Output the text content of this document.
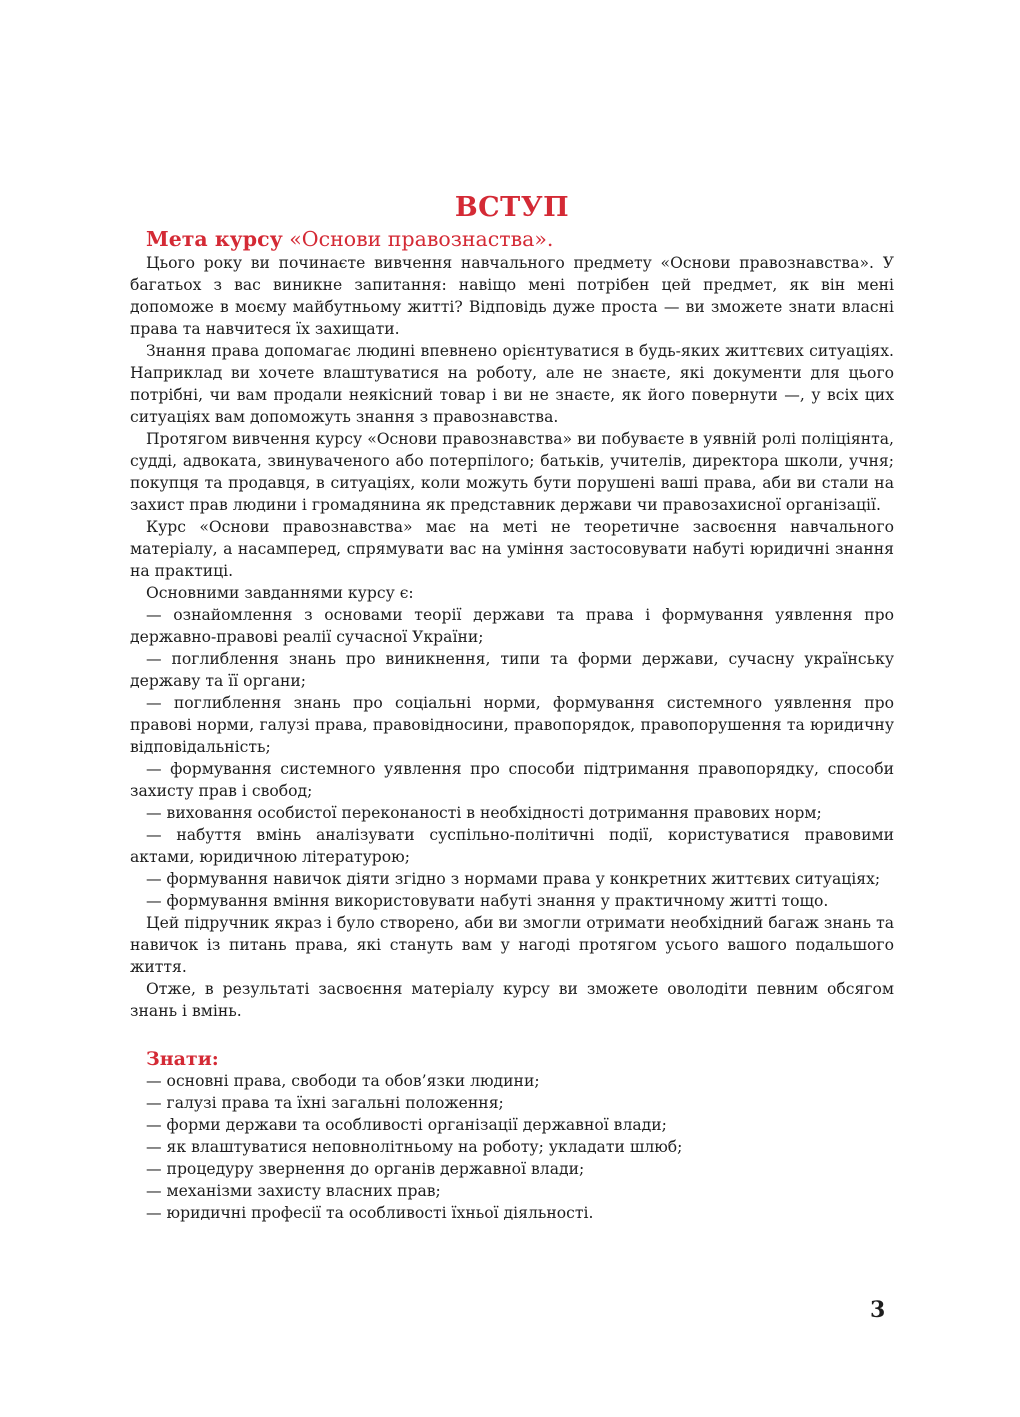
ВСТУП
Мета курсу «Основи правознаства».

Цього року ви починаєте вивчення навчального предмету «Основи правознавства». У багатьох з вас виникне запитання: навіщо мені потрібен цей предмет, як він мені допоможе в моєму майбутньому житті? Відповідь дуже проста — ви зможете знати власні права та навчитеся їх захищати.

Знання права допомагає людині впевнено орієнтуватися в будь-яких життєвих ситуаціях. Наприклад ви хочете влаштуватися на роботу, але не знаєте, які документи для цього потрібні, чи вам продали неякісний товар і ви не знаєте, як його повернути —, у всіх цих ситуаціях вам допоможуть знання з правознавства.

Протягом вивчення курсу «Основи правознавства» ви побуваєте в уявній ролі поліціянта, судді, адвоката, звинуваченого або потерпілого; батьків, учителів, директора школи, учня; покупця та продавця, в ситуаціях, коли можуть бути порушені ваші права, аби ви стали на захист прав людини і громадянина як представник держави чи правозахисної організації.

Курс «Основи правознавства» має на меті не теоретичне засвоєння навчального матеріалу, а насамперед, спрямувати вас на уміння застосовувати набуті юридичні знання на практиці.

Основними завданнями курсу є:

— ознайомлення з основами теорії держави та права і формування уявлення про державно-правові реалії сучасної України;

— поглиблення знань про виникнення, типи та форми держави, сучасну українську державу та її органи;

— поглиблення знань про соціальні норми, формування системного уявлення про правові норми, галузі права, правовідносини, правопорядок, правопорушення та юридичну відповідальність;

— формування системного уявлення про способи підтримання правопорядку, способи захисту прав і свобод;

— виховання особистої переконаності в необхідності дотримання правових норм;

— набуття вмінь аналізувати суспільно-політичні події, користуватися правовими актами, юридичною літературою;

— формування навичок діяти згідно з нормами права у конкретних життєвих ситуаціях;

— формування вміння використовувати набуті знання у практичному житті тощо.

Цей підручник якраз і було створено, аби ви змогли отримати необхідний багаж знань та навичок із питань права, які стануть вам у нагоді протягом усього вашого подальшого життя.

Отже, в результаті засвоєння матеріалу курсу ви зможете оволодіти певним обсягом знань і вмінь.

Знати:
— основні права, свободи та обов’язки людини;
— галузі права та їхні загальні положення;
— форми держави та особливості організації державної влади;
— як влаштуватися неповнолітньому на роботу; укладати шлюб;
— процедуру звернення до органів державної влади;
— механізми захисту власних прав;
— юридичні професії та особливості їхньої діяльності.
3
